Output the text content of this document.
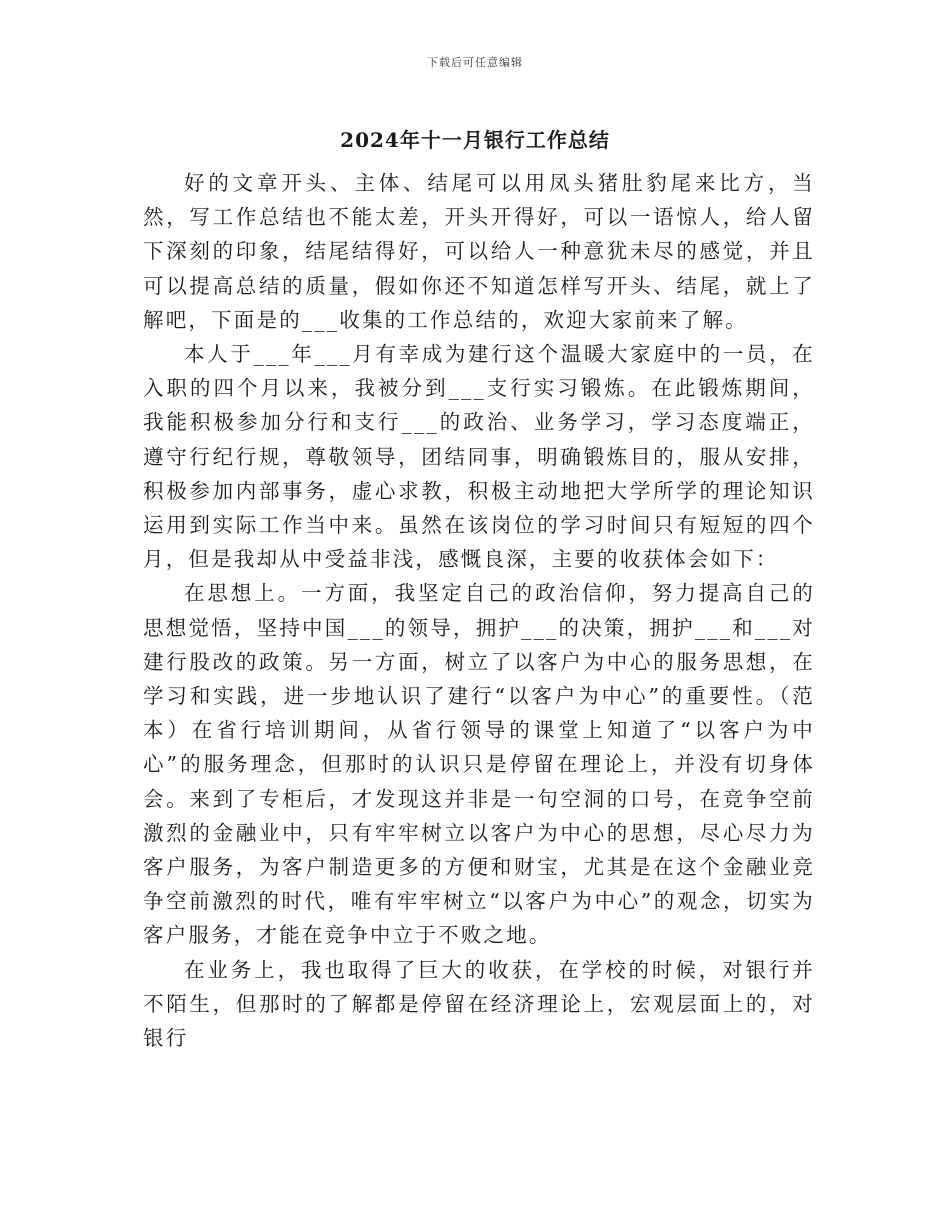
下载后可任意编辑
2024年十一月银行工作总结

好的文章开头、主体、结尾可以用凤头猪肚豹尾来比方，当然，写工作总结也不能太差，开头开得好，可以一语惊人，给人留下深刻的印象，结尾结得好，可以给人一种意犹未尽的感觉，并且可以提高总结的质量，假如你还不知道怎样写开头、结尾，就上了解吧，下面是的___收集的工作总结的，欢迎大家前来了解。

本人于___年___月有幸成为建行这个温暖大家庭中的一员，在入职的四个月以来，我被分到___支行实习锻炼。在此锻炼期间，我能积极参加分行和支行___的政治、业务学习，学习态度端正，遵守行纪行规，尊敬领导，团结同事，明确锻炼目的，服从安排，积极参加内部事务，虚心求教，积极主动地把大学所学的理论知识运用到实际工作当中来。虽然在该岗位的学习时间只有短短的四个月，但是我却从中受益非浅，感慨良深，主要的收获体会如下：

在思想上。一方面，我坚定自己的政治信仰，努力提高自己的思想觉悟，坚持中国___的领导，拥护___的决策，拥护___和___对建行股改的政策。另一方面，树立了以客户为中心的服务思想，在学习和实践，进一步地认识了建行“以客户为中心”的重要性。（范本）在省行培训期间，从省行领导的课堂上知道了“以客户为中心”的服务理念，但那时的认识只是停留在理论上，并没有切身体会。来到了专柜后，才发现这并非是一句空洞的口号，在竞争空前激烈的金融业中，只有牢牢树立以客户为中心的思想，尽心尽力为客户服务，为客户制造更多的方便和财宝，尤其是在这个金融业竞争空前激烈的时代，唯有牢牢树立“以客户为中心”的观念，切实为客户服务，才能在竞争中立于不败之地。

在业务上，我也取得了巨大的收获，在学校的时候，对银行并不陌生，但那时的了解都是停留在经济理论上，宏观层面上的，对银行
